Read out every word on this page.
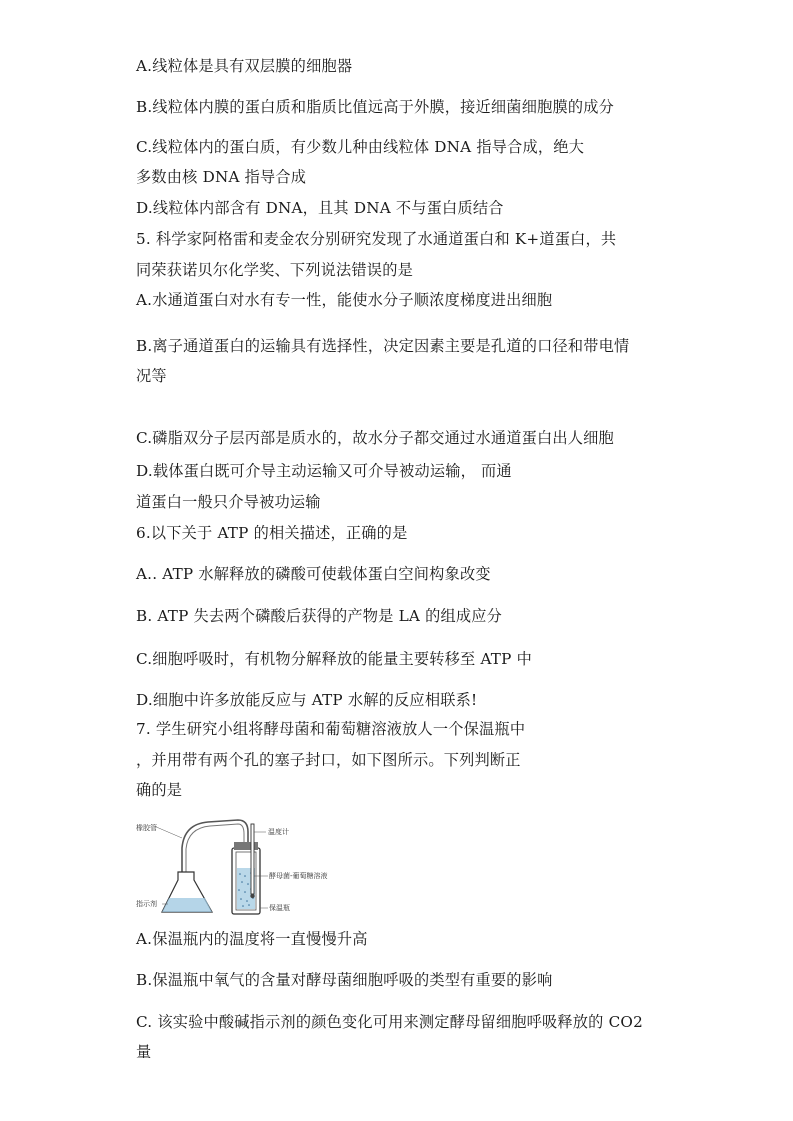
A.线粒体是具有双层膜的细胞器
B.线粒体内膜的蛋白质和脂质比值远高于外膜，接近细菌细胞膜的成分
C.线粒体内的蛋白质，有少数儿种由线粒体 DNA 指导合成，绝大
多数由核 DNA 指导合成
D.线粒体内部含有 DNA，且其 DNA 不与蛋白质结合
5. 科学家阿格雷和麦金农分别研究发现了水通道蛋白和 K+道蛋白，共
同荣获诺贝尔化学奖、下列说法错误的是
A.水通道蛋白对水有专一性，能使水分子顺浓度梯度进出细胞
B.离子通道蛋白的运输具有选择性，决定因素主要是孔道的口径和带电情
况等
C.磷脂双分子层丙部是质水的，故水分子都交通过水通道蛋白出人细胞
D.载体蛋白既可介导主动运输又可介导被动运输， 而通
道蛋白一般只介导被功运输
6.以下关于 ATP 的相关描述，正确的是
A.. ATP 水解释放的磷酸可使载体蛋白空间构象改变
B. ATP 失去两个磷酸后获得的产物是 LA 的组成应分
C.细胞呼吸时，有机物分解释放的能量主要转移至 ATP 中
D.细胞中许多放能反应与 ATP 水解的反应相联系!
7. 学生研究小组将酵母菌和葡萄糖溶液放人一个保温瓶中
，并用带有两个孔的塞子封口，如下图所示。下列判断正
确的是
橡胶管	温度计
酵母菌-葡萄糖溶液
保温瓶
指示剂
A.保温瓶内的温度将一直慢慢升高
B.保温瓶中氧气的含量对酵母菌细胞呼吸的类型有重要的影响
C. 该实验中酸碱指示剂的颜色变化可用来测定酵母留细胞呼吸释放的 CO2
量
